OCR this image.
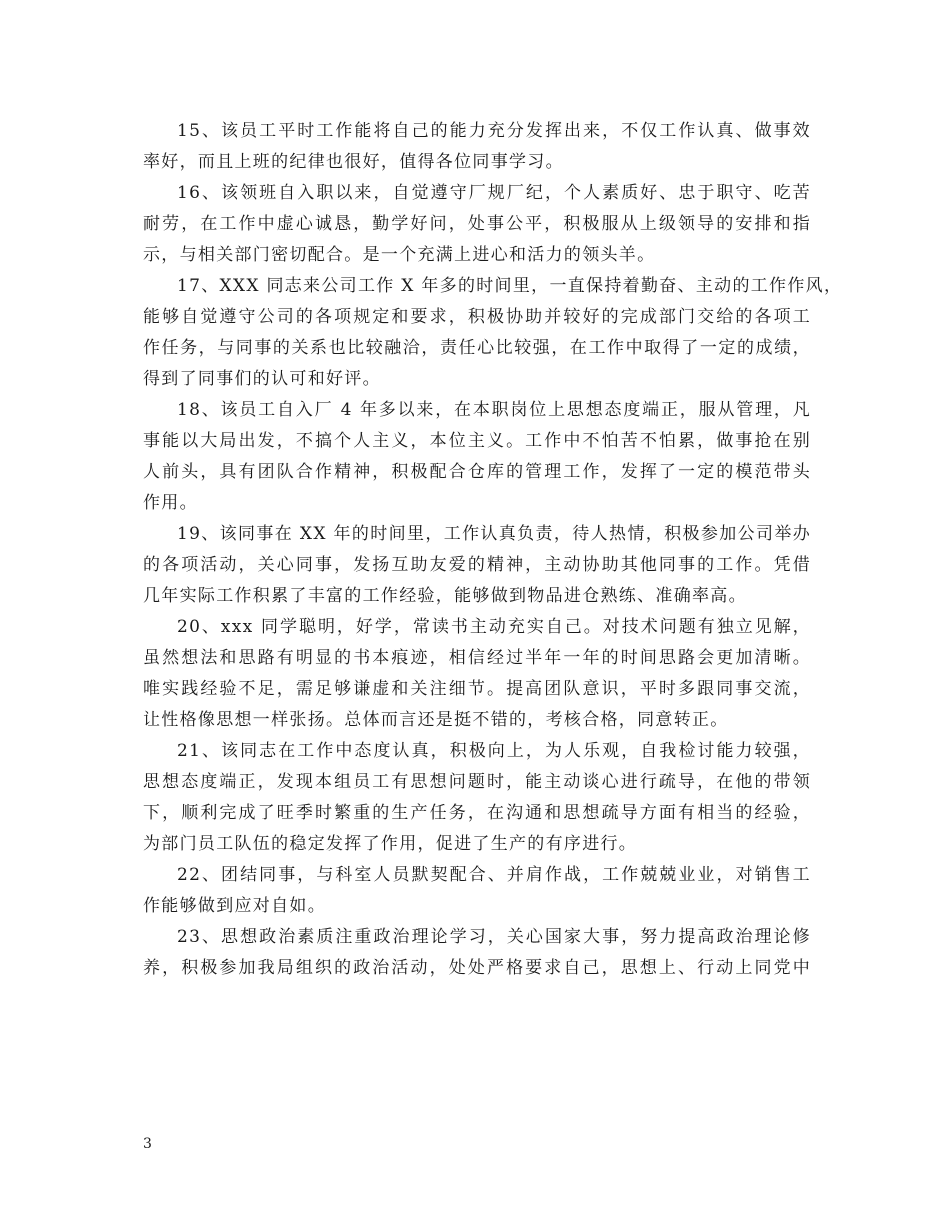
15、该员工平时工作能将自己的能力充分发挥出来，不仅工作认真、做事效
率好，而且上班的纪律也很好，值得各位同事学习。
16、该领班自入职以来，自觉遵守厂规厂纪，个人素质好、忠于职守、吃苦
耐劳，在工作中虚心诚恳，勤学好问，处事公平，积极服从上级领导的安排和指
示，与相关部门密切配合。是一个充满上进心和活力的领头羊。
17、XXX 同志来公司工作 X 年多的时间里，一直保持着勤奋、主动的工作作风，
能够自觉遵守公司的各项规定和要求，积极协助并较好的完成部门交给的各项工
作任务，与同事的关系也比较融洽，责任心比较强，在工作中取得了一定的成绩，
得到了同事们的认可和好评。
18、该员工自入厂 4 年多以来，在本职岗位上思想态度端正，服从管理，凡
事能以大局出发，不搞个人主义，本位主义。工作中不怕苦不怕累，做事抢在别
人前头，具有团队合作精神，积极配合仓库的管理工作，发挥了一定的模范带头
作用。
19、该同事在 XX 年的时间里，工作认真负责，待人热情，积极参加公司举办
的各项活动，关心同事，发扬互助友爱的精神，主动协助其他同事的工作。凭借
几年实际工作积累了丰富的工作经验，能够做到物品进仓熟练、准确率高。
20、xxx 同学聪明，好学，常读书主动充实自己。对技术问题有独立见解，
虽然想法和思路有明显的书本痕迹，相信经过半年一年的时间思路会更加清晰。
唯实践经验不足，需足够谦虚和关注细节。提高团队意识，平时多跟同事交流，
让性格像思想一样张扬。总体而言还是挺不错的，考核合格，同意转正。
21、该同志在工作中态度认真，积极向上，为人乐观，自我检讨能力较强，
思想态度端正，发现本组员工有思想问题时，能主动谈心进行疏导，在他的带领
下，顺利完成了旺季时繁重的生产任务，在沟通和思想疏导方面有相当的经验，
为部门员工队伍的稳定发挥了作用，促进了生产的有序进行。
22、团结同事，与科室人员默契配合、并肩作战，工作兢兢业业，对销售工
作能够做到应对自如。
23、思想政治素质注重政治理论学习，关心国家大事，努力提高政治理论修
养，积极参加我局组织的政治活动，处处严格要求自己，思想上、行动上同党中
3
